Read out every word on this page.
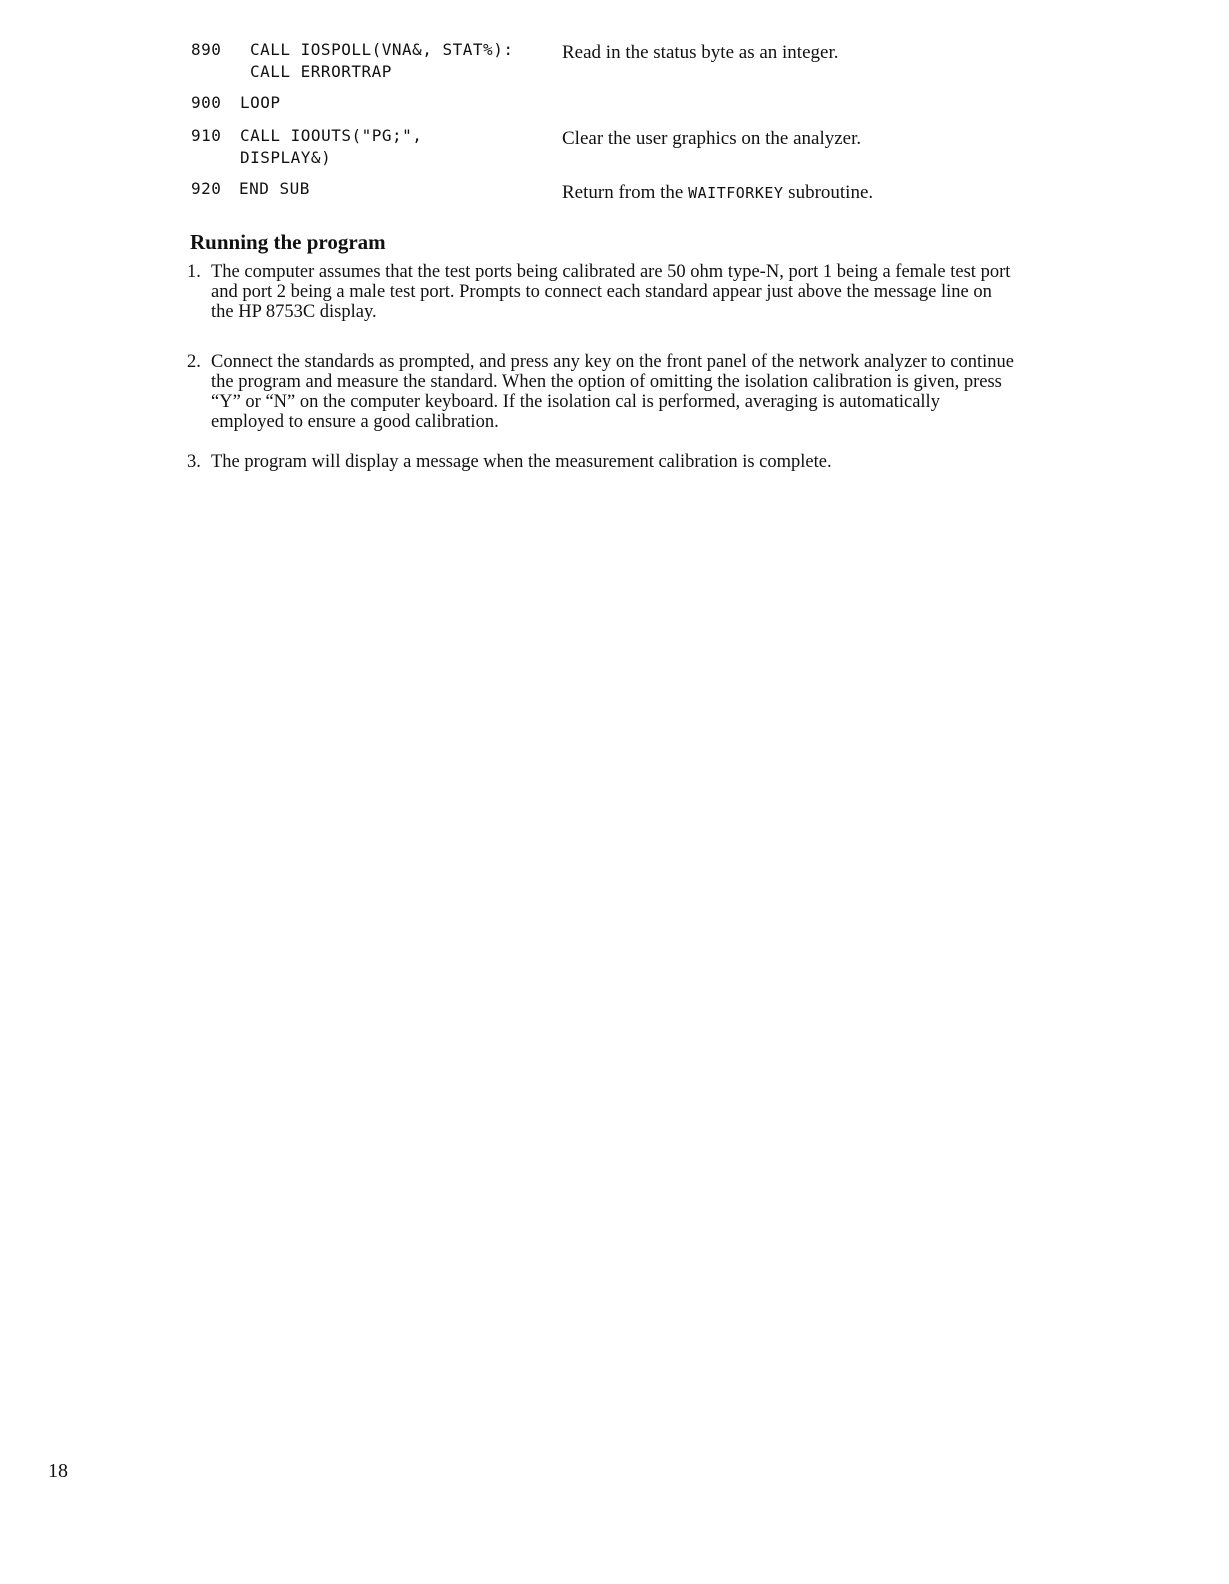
890 CALL IOSPOLL(VNA&, STAT%):
CALL ERRORTRAP
Read in the status byte as an integer.
900 LOOP
910 CALL IOOUTS("PG;",
DISPLAY&)
Clear the user graphics on the analyzer.
920 END SUB	Return from the WAITFORKEY subroutine.
Running the program
1. The computer assumes that the test ports being calibrated are 50 ohm type-N, port 1 being a female test port and port 2 being a male test port. Prompts to connect each standard appear just above the message line on the HP 8753C display.
2. Connect the standards as prompted, and press any key on the front panel of the network analyzer to continue the program and measure the standard. When the option of omitting the isolation calibration is given, press “Y” or “N” on the computer keyboard. If the isolation cal is performed, averaging is automatically employed to ensure a good calibration.
3. The program will display a message when the measurement calibration is complete.
18
